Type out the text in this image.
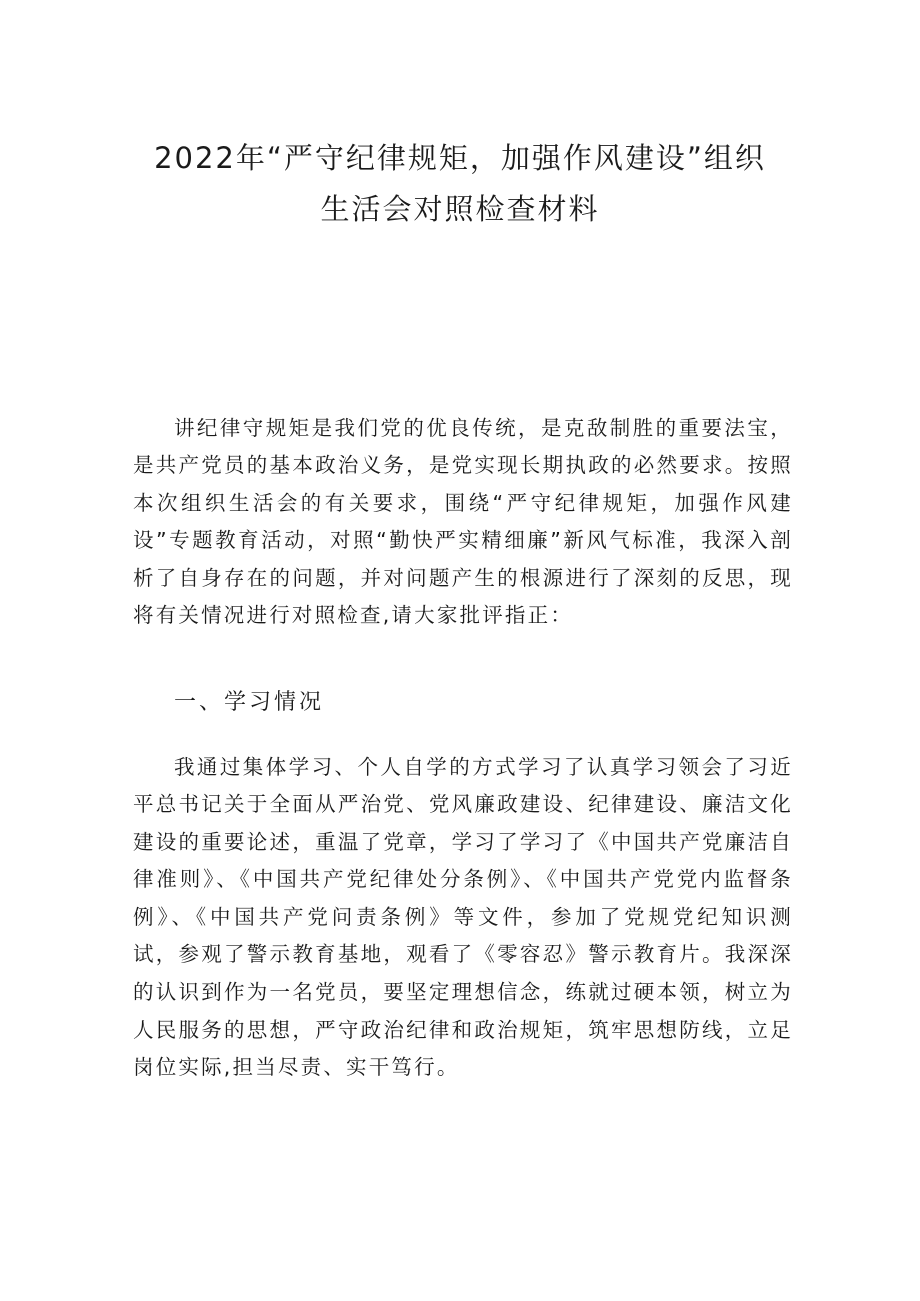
2022年“严守纪律规矩，加强作风建设”组织
生活会对照检查材料

讲纪律守规矩是我们党的优良传统，是克敌制胜的重要法宝，是共产党员的基本政治义务，是党实现长期执政的必然要求。按照本次组织生活会的有关要求，围绕“严守纪律规矩，加强作风建设”专题教育活动，对照“勤快严实精细廉”新风气标准，我深入剖析了自身存在的问题，并对问题产生的根源进行了深刻的反思，现将有关情况进行对照检查,请大家批评指正：

一、学习情况

我通过集体学习、个人自学的方式学习了认真学习领会了习近平总书记关于全面从严治党、党风廉政建设、纪律建设、廉洁文化建设的重要论述，重温了党章，学习了学习了《中国共产党廉洁自律准则》、《中国共产党纪律处分条例》、《中国共产党党内监督条例》、《中国共产党问责条例》等文件，参加了党规党纪知识测试，参观了警示教育基地，观看了《零容忍》警示教育片。我深深的认识到作为一名党员，要坚定理想信念，练就过硬本领，树立为人民服务的思想，严守政治纪律和政治规矩，筑牢思想防线，立足岗位实际,担当尽责、实干笃行。
